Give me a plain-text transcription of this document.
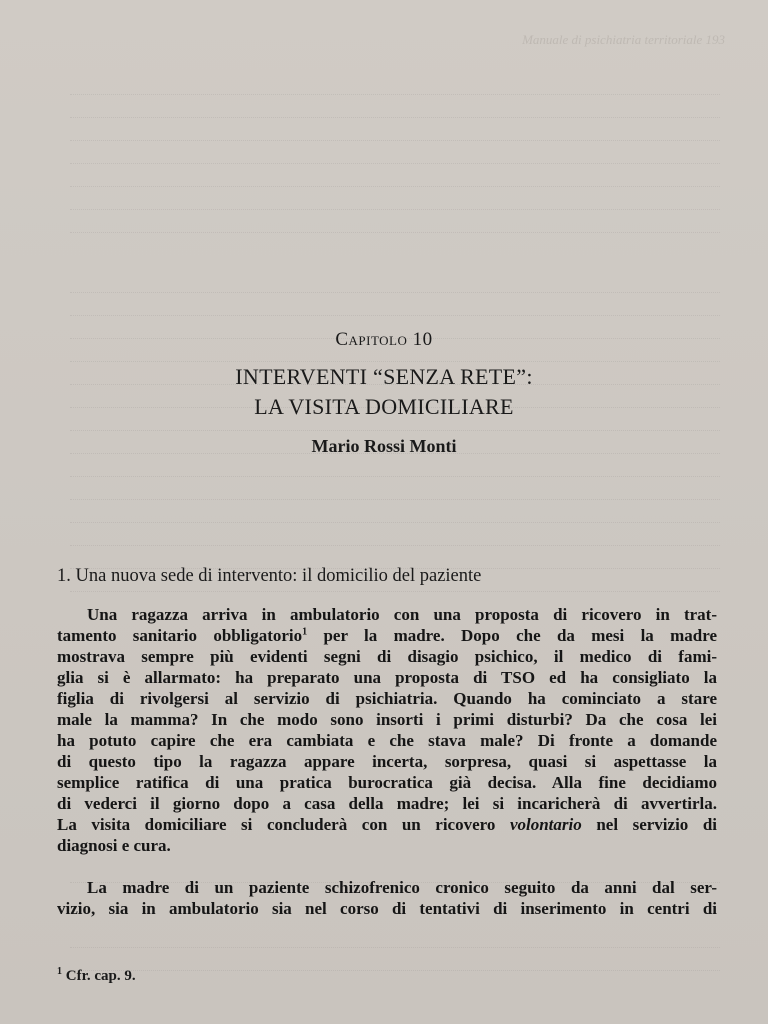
Manuale di psichiatria territoriale 193
Capitolo 10
INTERVENTI “SENZA RETE”:
LA VISITA DOMICILIARE
Mario Rossi Monti
1. Una nuova sede di intervento: il domicilio del paziente
Una ragazza arriva in ambulatorio con una proposta di ricovero in trat-
tamento sanitario obbligatorio$^1$ per la madre. Dopo che da mesi la madre
mostrava sempre più evidenti segni di disagio psichico, il medico di fami-
glia si è allarmato: ha preparato una proposta di TSO ed ha consigliato la
figlia di rivolgersi al servizio di psichiatria. Quando ha cominciato a stare
male la mamma? In che modo sono insorti i primi disturbi? Da che cosa lei
ha potuto capire che era cambiata e che stava male? Di fronte a domande
di questo tipo la ragazza appare incerta, sorpresa, quasi si aspettasse la
semplice ratifica di una pratica burocratica già decisa. Alla fine decidiamo
di vederci il giorno dopo a casa della madre; lei si incaricherà di avvertirla.
La visita domiciliare si concluderà con un ricovero volontario nel servizio di
diagnosi e cura.
La madre di un paziente schizofrenico cronico seguito da anni dal ser-
vizio, sia in ambulatorio sia nel corso di tentativi di inserimento in centri di
$^1$ Cfr. cap. 9.
